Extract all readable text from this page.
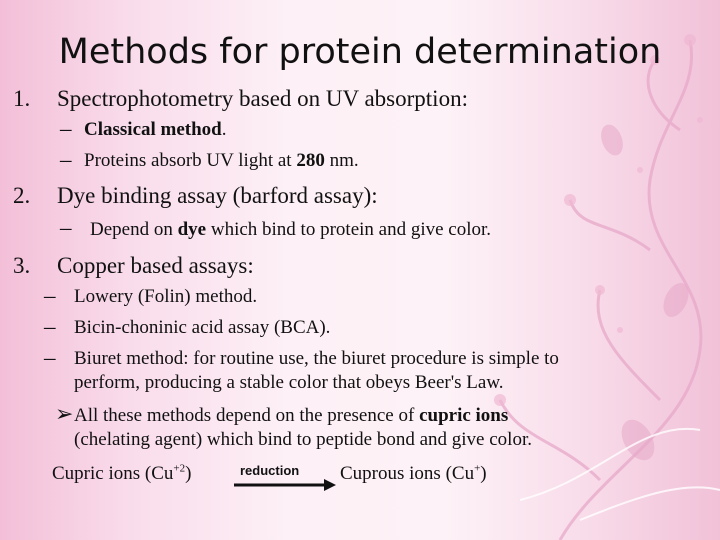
Methods for protein determination
1. Spectrophotometry based on UV absorption:
– Classical method.
– Proteins absorb UV light at 280 nm.
2. Dye binding assay (barford assay):
– Depend on dye which bind to protein and give color.
3. Copper based assays:
– Lowery (Folin) method.
– Bicin-choninic acid assay (BCA).
– Biuret method: for routine use, the biuret procedure is simple to
perform, producing a stable color that obeys Beer's Law.
➢ All these methods depend on the presence of cupric ions
(chelating agent) which bind to peptide bond and give color.
Cupric ions $(Cu^{+2})$	reduction Cuprous ions (Cu+)
